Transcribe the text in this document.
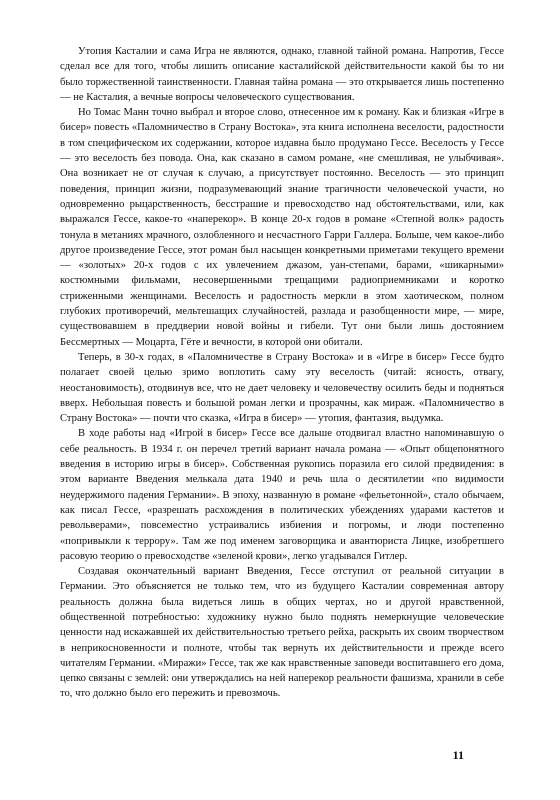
Утопия Касталии и сама Игра не являются, однако, главной тайной романа. Напротив, Гессе сделал все для того, чтобы лишить описание касталийской действительности какой бы то ни было торжественной таинственности. Главная тайна романа — это открывается лишь постепенно — не Касталия, а вечные вопросы человеческого существования.

Но Томас Манн точно выбрал и второе слово, отнесенное им к роману. Как и близкая «Игре в бисер» повесть «Паломничество в Страну Востока», эта книга исполнена веселости, радостности в том специфическом их содержании, которое издавна было продумано Гессе. Веселость у Гессе — это веселость без повода. Она, как сказано в самом романе, «не смешливая, не улыбчивая». Она возникает не от случая к случаю, а присутствует постоянно. Веселость — это принцип поведения, принцип жизни, подразумевающий знание трагичности человеческой участи, но одновременно рыцарственность, бесстрашие и превосходство над обстоятельствами, или, как выражался Гессе, какое-то «наперекор». В конце 20-х годов в романе «Степной волк» радость тонула в метаниях мрачного, озлобленного и несчастного Гарри Галлера. Больше, чем какое-либо другое произведение Гессе, этот роман был насыщен конкретными приметами текущего времени — «золотых» 20-х годов с их увлечением джазом, уан-степами, барами, «шикарными» костюмными фильмами, несовершенными трещащими радиоприемниками и коротко стриженными женщинами. Веселость и радостность меркли в этом хаотическом, полном глубоких противоречий, мельтешащих случайностей, разлада и разобщенности мире, — мире, существовавшем в преддверии новой войны и гибели. Тут они были лишь достоянием Бессмертных — Моцарта, Гёте и вечности, в которой они обитали.

Теперь, в 30-х годах, в «Паломничестве в Страну Востока» и в «Игре в бисер» Гессе будто полагает своей целью зримо воплотить саму эту веселость (читай: ясность, отвагу, неостановимость), отодвинув все, что не дает человеку и человечеству осилить беды и подняться вверх. Небольшая повесть и большой роман легки и прозрачны, как мираж. «Паломничество в Страну Востока» — почти что сказка, «Игра в бисер» — утопия, фантазия, выдумка.

В ходе работы над «Игрой в бисер» Гессе все дальше отодвигал властно напоминавшую о себе реальность. В 1934 г. он перечел третий вариант начала романа — «Опыт общепонятного введения в историю игры в бисер». Собственная рукопись поразила его силой предвидения: в этом варианте Введения мелькала дата 1940 и речь шла о десятилетии «по видимости неудержимого падения Германии». В эпоху, названную в романе «фельетонной», стало обычаем, как писал Гессе, «разрешать расхождения в политических убеждениях ударами кастетов и револьверами», повсеместно устраивались избиения и погромы, и люди постепенно «попривыкли к террору». Там же под именем заговорщика и авантюриста Лицке, изобретшего расовую теорию о превосходстве «зеленой крови», легко угадывался Гитлер.

Создавая окончательный вариант Введения, Гессе отступил от реальной ситуации в Германии. Это объясняется не только тем, что из будущего Касталии современная автору реальность должна была видеться лишь в общих чертах, но и другой нравственной, общественной потребностью: художнику нужно было поднять немеркнущие человеческие ценности над искажавшей их действительностью третьего рейха, раскрыть их своим творчеством в неприкосновенности и полноте, чтобы так вернуть их действительности и прежде всего читателям Германии. «Миражи» Гессе, так же как нравственные заповеди воспитавшего его дома, цепко связаны с землей: они утверждались на ней наперекор реальности фашизма, хранили в себе то, что должно было его пережить и превозмочь.

11
